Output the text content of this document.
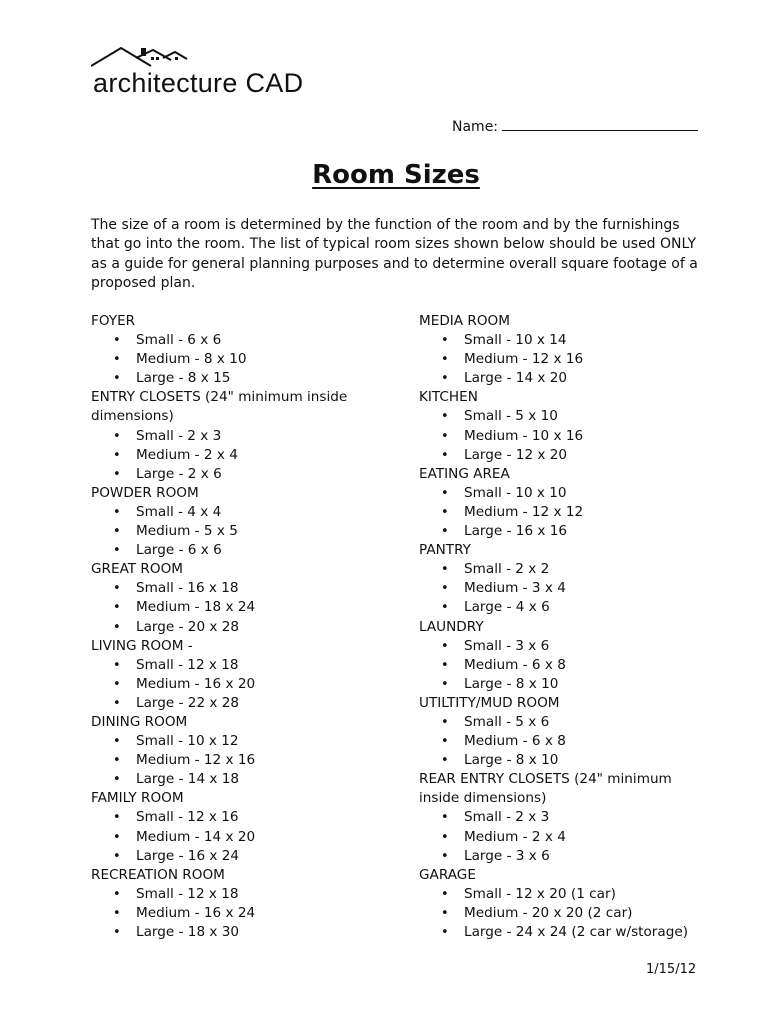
architecture CAD
Name:
Room Sizes
The size of a room is determined by the function of the room and by the furnishings that go into the room. The list of typical room sizes shown below should be used ONLY as a guide for general planning purposes and to determine overall square footage of a proposed plan.
FOYER
• Small - 6 x 6
• Medium - 8 x 10
• Large - 8 x 15
ENTRY CLOSETS (24" minimum inside dimensions)
• Small - 2 x 3
• Medium - 2 x 4
• Large - 2 x 6
POWDER ROOM
• Small - 4 x 4
• Medium - 5 x 5
• Large - 6 x 6
GREAT ROOM
• Small - 16 x 18
• Medium - 18 x 24
• Large - 20 x 28
LIVING ROOM -
• Small - 12 x 18
• Medium - 16 x 20
• Large - 22 x 28
DINING ROOM
• Small - 10 x 12
• Medium - 12 x 16
• Large - 14 x 18
FAMILY ROOM
• Small - 12 x 16
• Medium - 14 x 20
• Large - 16 x 24
RECREATION ROOM
• Small - 12 x 18
• Medium - 16 x 24
• Large - 18 x 30
MEDIA ROOM
• Small - 10 x 14
• Medium - 12 x 16
• Large - 14 x 20
KITCHEN
• Small - 5 x 10
• Medium - 10 x 16
• Large - 12 x 20
EATING AREA
• Small - 10 x 10
• Medium - 12 x 12
• Large - 16 x 16
PANTRY
• Small - 2 x 2
• Medium - 3 x 4
• Large - 4 x 6
LAUNDRY
• Small - 3 x 6
• Medium - 6 x 8
• Large - 8 x 10
UTILTITY/MUD ROOM
• Small - 5 x 6
• Medium - 6 x 8
• Large - 8 x 10
REAR ENTRY CLOSETS (24" minimum inside dimensions)
• Small - 2 x 3
• Medium - 2 x 4
• Large - 3 x 6
GARAGE
• Small - 12 x 20 (1 car)
• Medium - 20 x 20 (2 car)
• Large - 24 x 24 (2 car w/storage)
1/15/12
